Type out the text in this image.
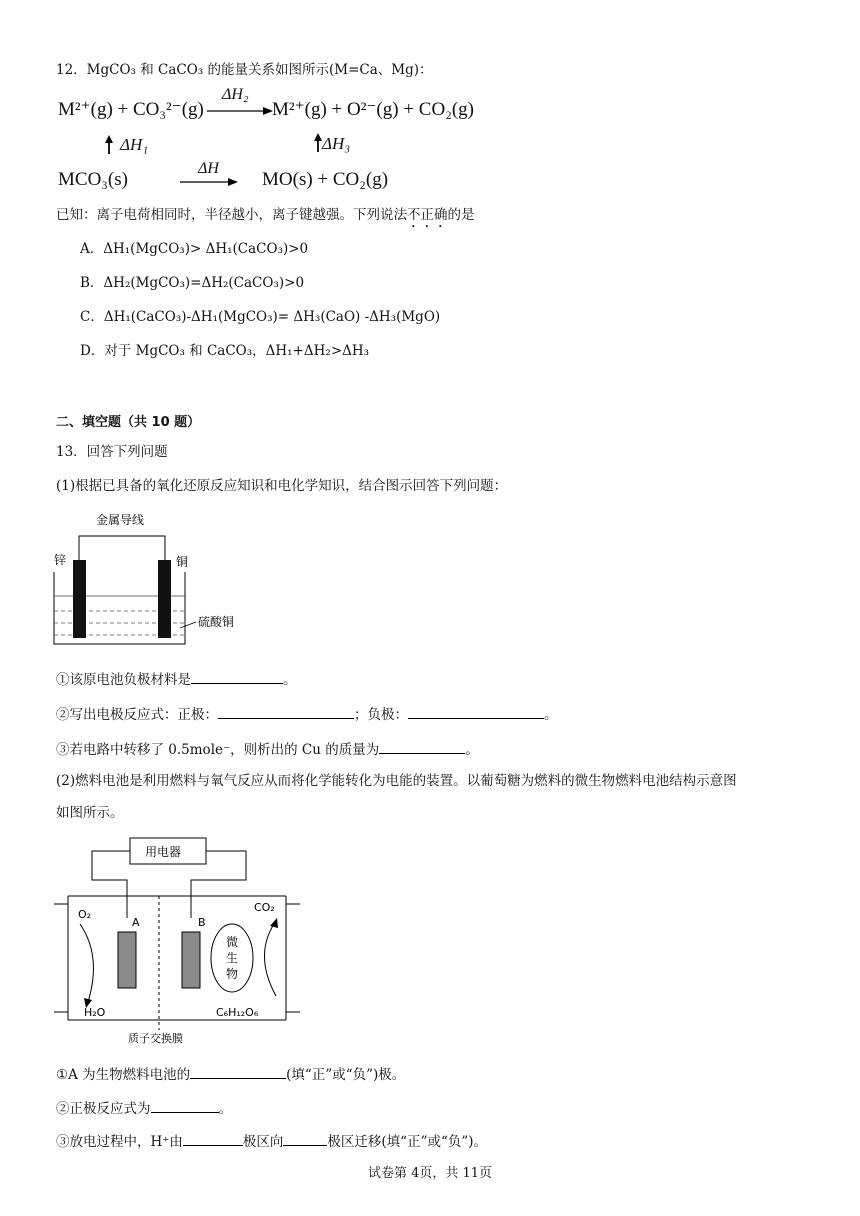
12．MgCO₃ 和 CaCO₃ 的能量关系如图所示(M=Ca、Mg)：
M²⁺(g) + CO₃²⁻(g)
ΔH₂
M²⁺(g) + O²⁻(g) + CO₂(g)
ΔH₁	ΔH₃
MCO₃(s)
ΔH
MO(s) + CO₂(g)
已知：离子电荷相同时，半径越小，离子键越强。下列说法不正确的是
A．ΔH₁(MgCO₃)> ΔH₁(CaCO₃)>0
B．ΔH₂(MgCO₃)=ΔH₂(CaCO₃)>0
C．ΔH₁(CaCO₃)-ΔH₁(MgCO₃)= ΔH₃(CaO) -ΔH₃(MgO)
D．对于 MgCO₃ 和 CaCO₃，ΔH₁+ΔH₂>ΔH₃
二、填空题（共 10 题）
13．回答下列问题
(1)根据已具备的氧化还原反应知识和电化学知识，结合图示回答下列问题：
金属导线
锌	铜
硫酸铜
①该原电池负极材料是	。
②写出电极反应式：正极：	；负极：	。
③若电路中转移了 0.5mole⁻，则析出的 Cu 的质量为	。
(2)燃料电池是利用燃料与氧气反应从而将化学能转化为电能的装置。以葡萄糖为燃料的微生物燃料电池结构示意图
如图所示。
用电器
A	B
O₂
H₂O
微
生
物
CO₂
C₆H₁₂O₆
质子交换膜
①A 为生物燃料电池的	(填“正”或“负”)极。
②正极反应式为	。
③放电过程中，H⁺由	极区向	极区迁移(填“正”或“负”)。
试卷第 4页，共 11页
